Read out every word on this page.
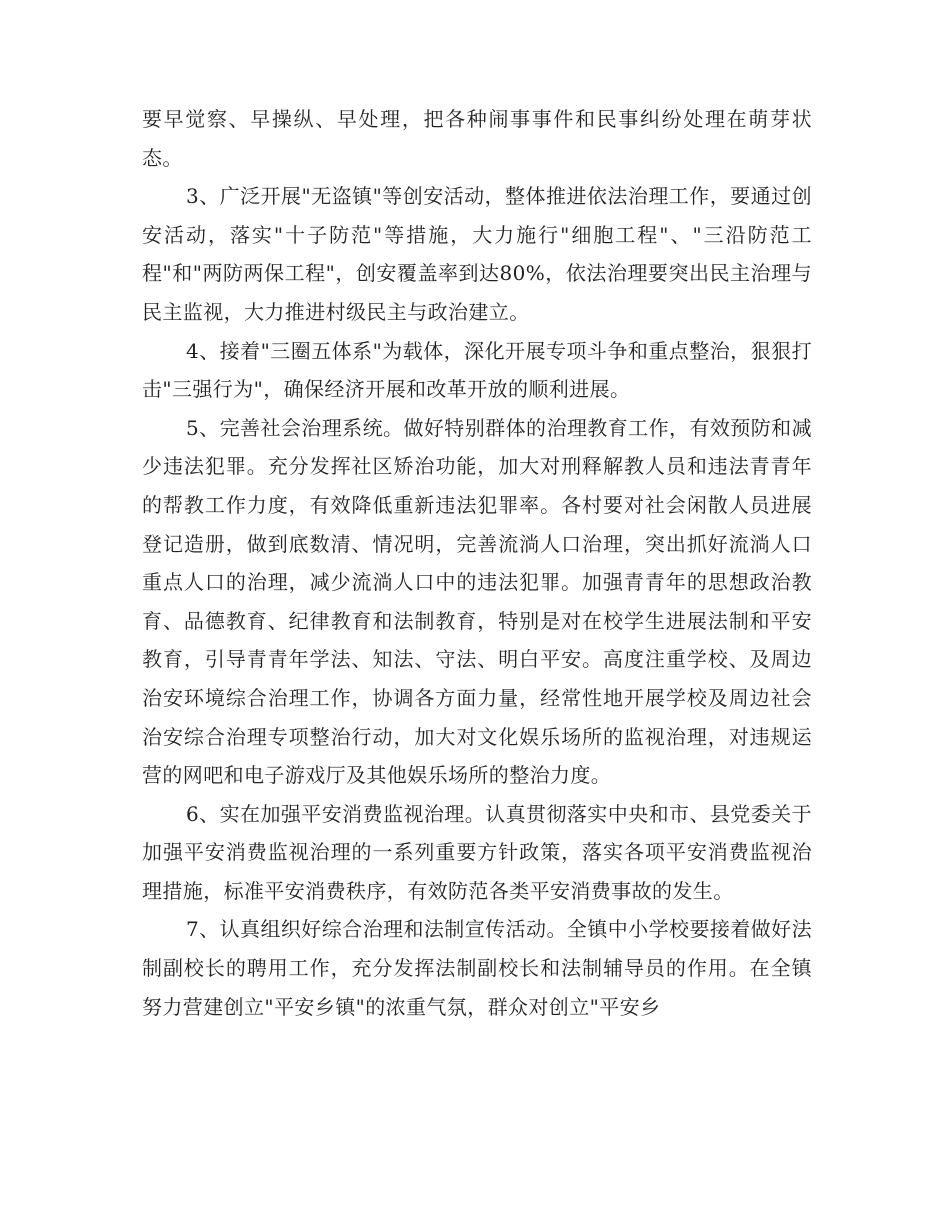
要早觉察、早操纵、早处理，把各种闹事事件和民事纠纷处理在萌芽状态。

3、广泛开展"无盗镇"等创安活动，整体推进依法治理工作，要通过创安活动，落实"十子防范"等措施，大力施行"细胞工程"、"三沿防范工程"和"两防两保工程"，创安覆盖率到达80%，依法治理要突出民主治理与民主监视，大力推进村级民主与政治建立。

4、接着"三圈五体系"为载体，深化开展专项斗争和重点整治，狠狠打击"三强行为"，确保经济开展和改革开放的顺利进展。

5、完善社会治理系统。做好特别群体的治理教育工作，有效预防和减少违法犯罪。充分发挥社区矫治功能，加大对刑释解教人员和违法青青年的帮教工作力度，有效降低重新违法犯罪率。各村要对社会闲散人员进展登记造册，做到底数清、情况明，完善流淌人口治理，突出抓好流淌人口重点人口的治理，减少流淌人口中的违法犯罪。加强青青年的思想政治教育、品德教育、纪律教育和法制教育，特别是对在校学生进展法制和平安教育，引导青青年学法、知法、守法、明白平安。高度注重学校、及周边治安环境综合治理工作，协调各方面力量，经常性地开展学校及周边社会治安综合治理专项整治行动，加大对文化娱乐场所的监视治理，对违规运营的网吧和电子游戏厅及其他娱乐场所的整治力度。

6、实在加强平安消费监视治理。认真贯彻落实中央和市、县党委关于加强平安消费监视治理的一系列重要方针政策，落实各项平安消费监视治理措施，标准平安消费秩序，有效防范各类平安消费事故的发生。

7、认真组织好综合治理和法制宣传活动。全镇中小学校要接着做好法制副校长的聘用工作，充分发挥法制副校长和法制辅导员的作用。在全镇努力营建创立"平安乡镇"的浓重气氛，群众对创立"平安乡
